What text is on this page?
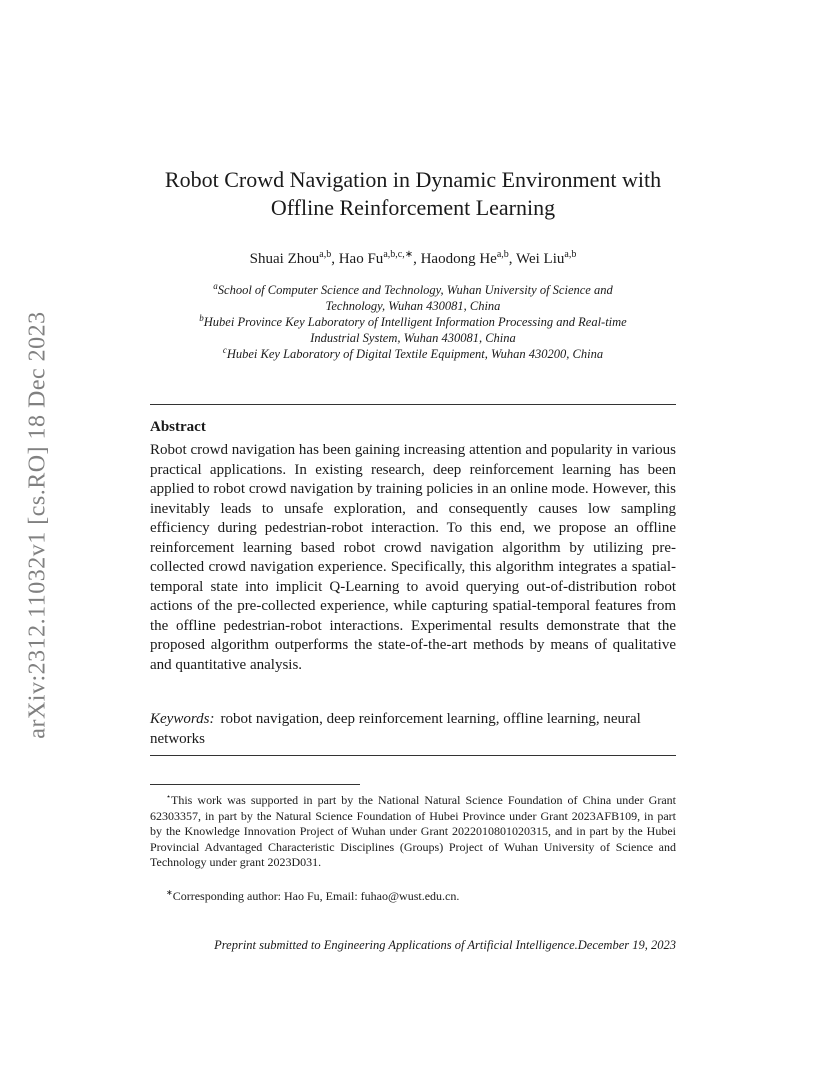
arXiv:2312.11032v1 [cs.RO] 18 Dec 2023
Robot Crowd Navigation in Dynamic Environment with
Offline Reinforcement Learning
Shuai Zhou$^{a,b}$, Hao $Fu^{a,b,c,∗}$, Haodong He$^{a,b}$, Wei Liu$^{a,b}$
$^a$School of Computer Science and Technology, Wuhan University of Science and
Technology, Wuhan 430081, China
$^b$Hubei Province Key Laboratory of Intelligent Information Processing and Real-time
Industrial System, Wuhan 430081, China
$^c$Hubei Key Laboratory of Digital Textile Equipment, Wuhan 430200, China
Abstract
Robot crowd navigation has been gaining increasing attention and popularity in various practical applications. In existing research, deep reinforcement learning has been applied to robot crowd navigation by training policies in an online mode. However, this inevitably leads to unsafe exploration, and consequently causes low sampling efficiency during pedestrian-robot interaction. To this end, we propose an offline reinforcement learning based robot crowd navigation algorithm by utilizing pre-collected crowd navigation experience. Specifically, this algorithm integrates a spatial-temporal state into implicit Q-Learning to avoid querying out-of-distribution robot actions of the pre-collected experience, while capturing spatial-temporal features from the offline pedestrian-robot interactions. Experimental results demonstrate that the proposed algorithm outperforms the state-of-the-art methods by means of qualitative and quantitative analysis.
Keywords: robot navigation, deep reinforcement learning, offline learning, neural networks
⋆This work was supported in part by the National Natural Science Foundation of China under Grant 62303357, in part by the Natural Science Foundation of Hubei Province under Grant 2023AFB109, in part by the Knowledge Innovation Project of Wuhan under Grant 2022010801020315, and in part by the Hubei Provincial Advantaged Characteristic Disciplines (Groups) Project of Wuhan University of Science and Technology under grant 2023D031.
∗Corresponding author: Hao Fu, Email: fuhao@wust.edu.cn.
Preprint submitted to Engineering Applications of Artificial Intelligence.December 19, 2023
